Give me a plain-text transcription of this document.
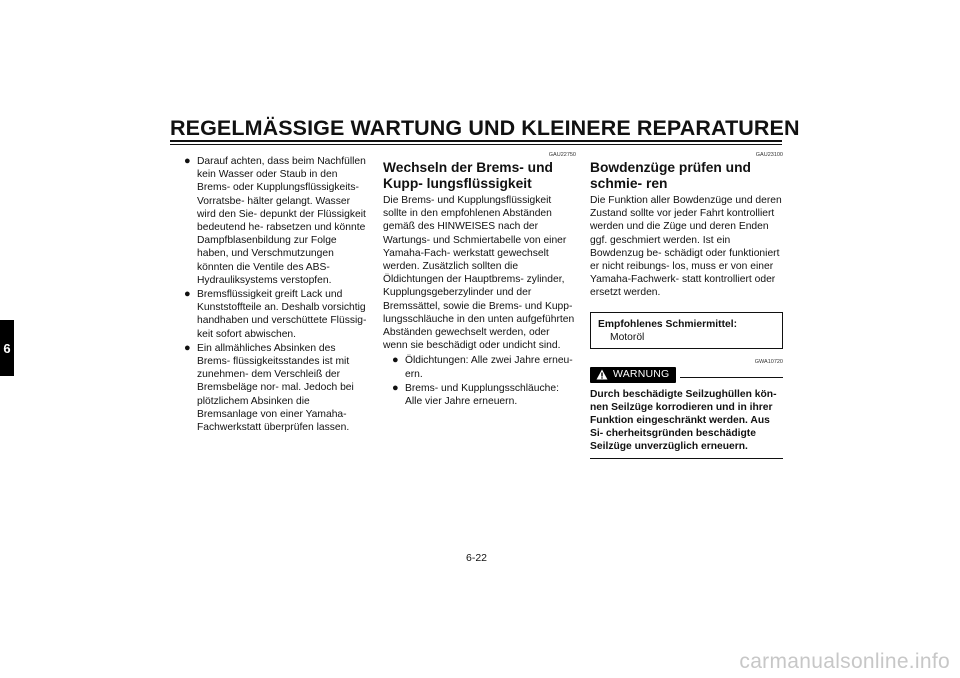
REGELMÄSSIGE WARTUNG UND KLEINERE REPARATUREN
6
● Darauf achten, dass beim Nachfüllen kein Wasser oder Staub in den Brems- oder Kupplungsflüssigkeits-Vorratsbe- hälter gelangt. Wasser wird den Sie- depunkt der Flüssigkeit bedeutend he- rabsetzen und könnte Dampfblasenbildung zur Folge haben, und Verschmutzungen könnten die Ventile des ABS-Hydrauliksystems verstopfen.
● Bremsflüssigkeit greift Lack und Kunststoffteile an. Deshalb vorsichtig handhaben und verschüttete Flüssig- keit sofort abwischen.
● Ein allmähliches Absinken des Brems- flüssigkeitsstandes ist mit zunehmen- dem Verschleiß der Bremsbeläge nor- mal. Jedoch bei plötzlichem Absinken die Bremsanlage von einer Yamaha- Fachwerkstatt überprüfen lassen.
GAU22750
Wechseln der Brems- und Kupp- lungsflüssigkeit

Die Brems- und Kupplungsflüssigkeit sollte in den empfohlenen Abständen gemäß des HINWEISES nach der Wartungs- und Schmiertabelle von einer Yamaha-Fach- werkstatt gewechselt werden. Zusätzlich sollten die Öldichtungen der Hauptbrems- zylinder, Kupplungsgeberzylinder und der Bremssättel, sowie die Brems- und Kupp- lungsschläuche in den unten aufgeführten Abständen gewechselt werden, oder wenn sie beschädigt oder undicht sind.

● Öldichtungen: Alle zwei Jahre erneu- ern.
● Brems- und Kupplungsschläuche: Alle vier Jahre erneuern.
GAU23100
Bowdenzüge prüfen und schmie- ren

Die Funktion aller Bowdenzüge und deren Zustand sollte vor jeder Fahrt kontrolliert werden und die Züge und deren Enden ggf. geschmiert werden. Ist ein Bowdenzug be- schädigt oder funktioniert er nicht reibungs- los, muss er von einer Yamaha-Fachwerk- statt kontrolliert oder ersetzt werden.

Empfohlenes Schmiermittel:
Motoröl
GWA10720
WARNUNG
Durch beschädigte Seilzughüllen kön- nen Seilzüge korrodieren und in ihrer Funktion eingeschränkt werden. Aus Si- cherheitsgründen beschädigte Seilzüge unverzüglich erneuern.
6-22
carmanualsonline.info
